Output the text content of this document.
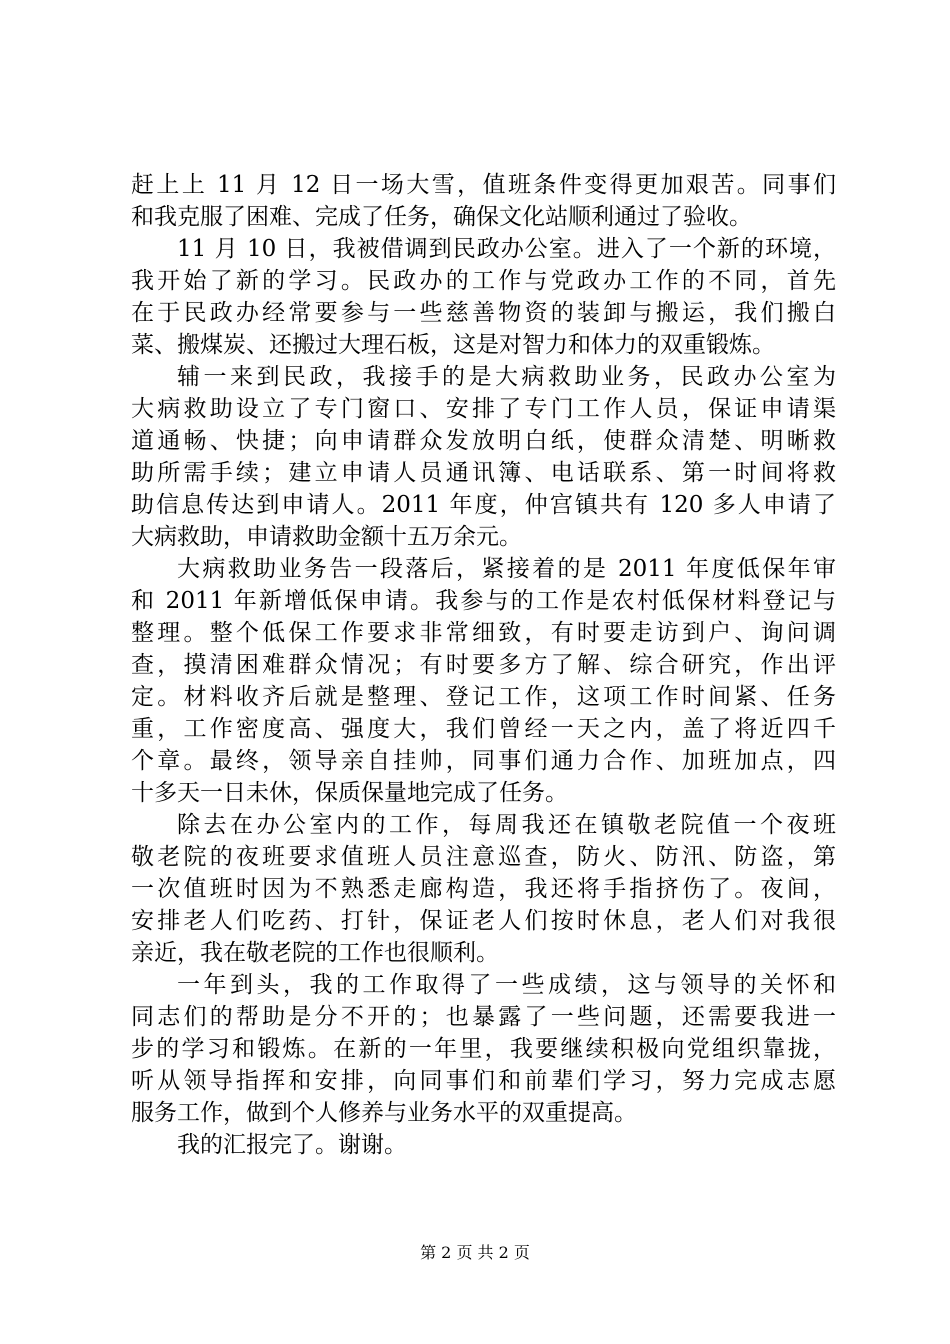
赶上上 11 月 12 日一场大雪，值班条件变得更加艰苦。同事们
和我克服了困难、完成了任务，确保文化站顺利通过了验收。
11 月 10 日，我被借调到民政办公室。进入了一个新的环境，
我开始了新的学习。民政办的工作与党政办工作的不同，首先
在于民政办经常要参与一些慈善物资的装卸与搬运，我们搬白
菜、搬煤炭、还搬过大理石板，这是对智力和体力的双重锻炼。
辅一来到民政，我接手的是大病救助业务，民政办公室为
大病救助设立了专门窗口、安排了专门工作人员，保证申请渠
道通畅、快捷；向申请群众发放明白纸，使群众清楚、明晰救
助所需手续；建立申请人员通讯簿、电话联系、第一时间将救
助信息传达到申请人。2011 年度，仲宫镇共有 120 多人申请了
大病救助，申请救助金额十五万余元。
大病救助业务告一段落后，紧接着的是 2011 年度低保年审
和 2011 年新增低保申请。我参与的工作是农村低保材料登记与
整理。整个低保工作要求非常细致，有时要走访到户、询问调
查，摸清困难群众情况；有时要多方了解、综合研究，作出评
定。材料收齐后就是整理、登记工作，这项工作时间紧、任务
重，工作密度高、强度大，我们曾经一天之内，盖了将近四千
个章。最终，领导亲自挂帅，同事们通力合作、加班加点，四
十多天一日未休，保质保量地完成了任务。
除去在办公室内的工作，每周我还在镇敬老院值一个夜班
敬老院的夜班要求值班人员注意巡查，防火、防汛、防盗，第
一次值班时因为不熟悉走廊构造，我还将手指挤伤了。夜间，
安排老人们吃药、打针，保证老人们按时休息，老人们对我很
亲近，我在敬老院的工作也很顺利。
一年到头，我的工作取得了一些成绩，这与领导的关怀和
同志们的帮助是分不开的；也暴露了一些问题，还需要我进一
步的学习和锻炼。在新的一年里，我要继续积极向党组织靠拢，
听从领导指挥和安排，向同事们和前辈们学习，努力完成志愿
服务工作，做到个人修养与业务水平的双重提高。
我的汇报完了。谢谢。
第 2 页 共 2 页
